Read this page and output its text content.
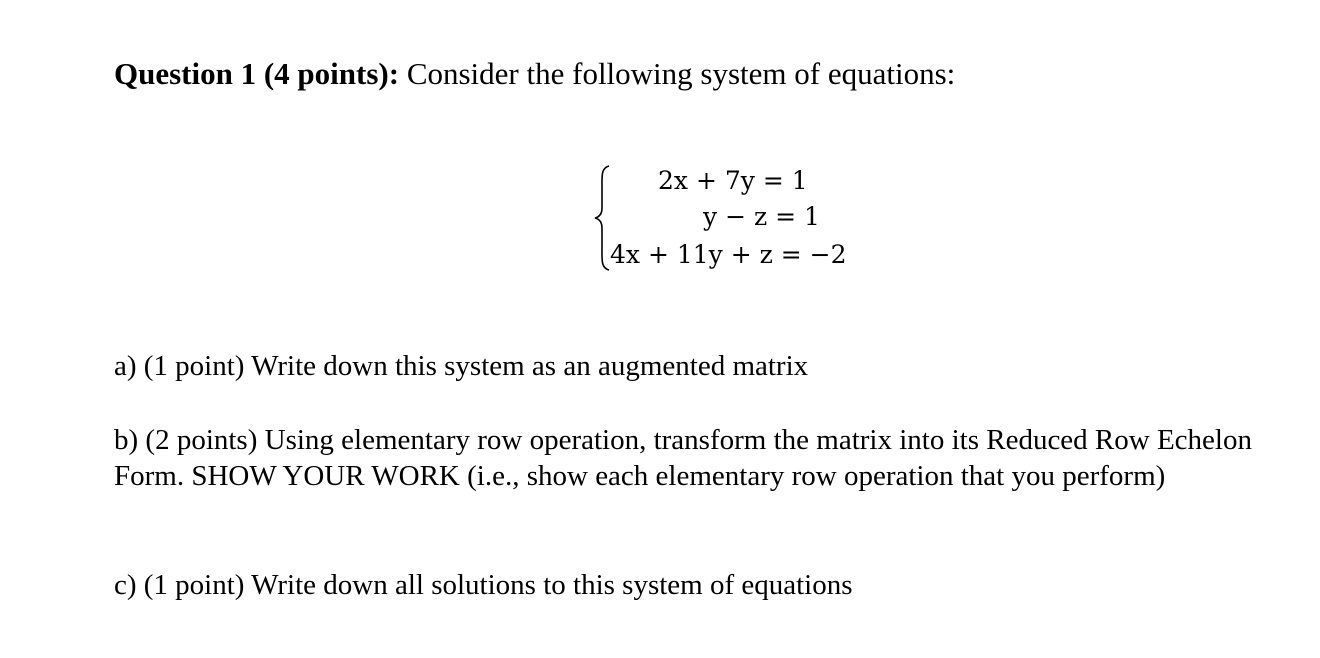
Question 1 (4 points): Consider the following system of equations:
2x + 7y = 1
y − z = 1
4x + 11y + z = −2
a) (1 point) Write down this system as an augmented matrix
b) (2 points) Using elementary row operation, transform the matrix into its Reduced Row Echelon Form. SHOW YOUR WORK (i.e., show each elementary row operation that you perform)
c) (1 point) Write down all solutions to this system of equations
